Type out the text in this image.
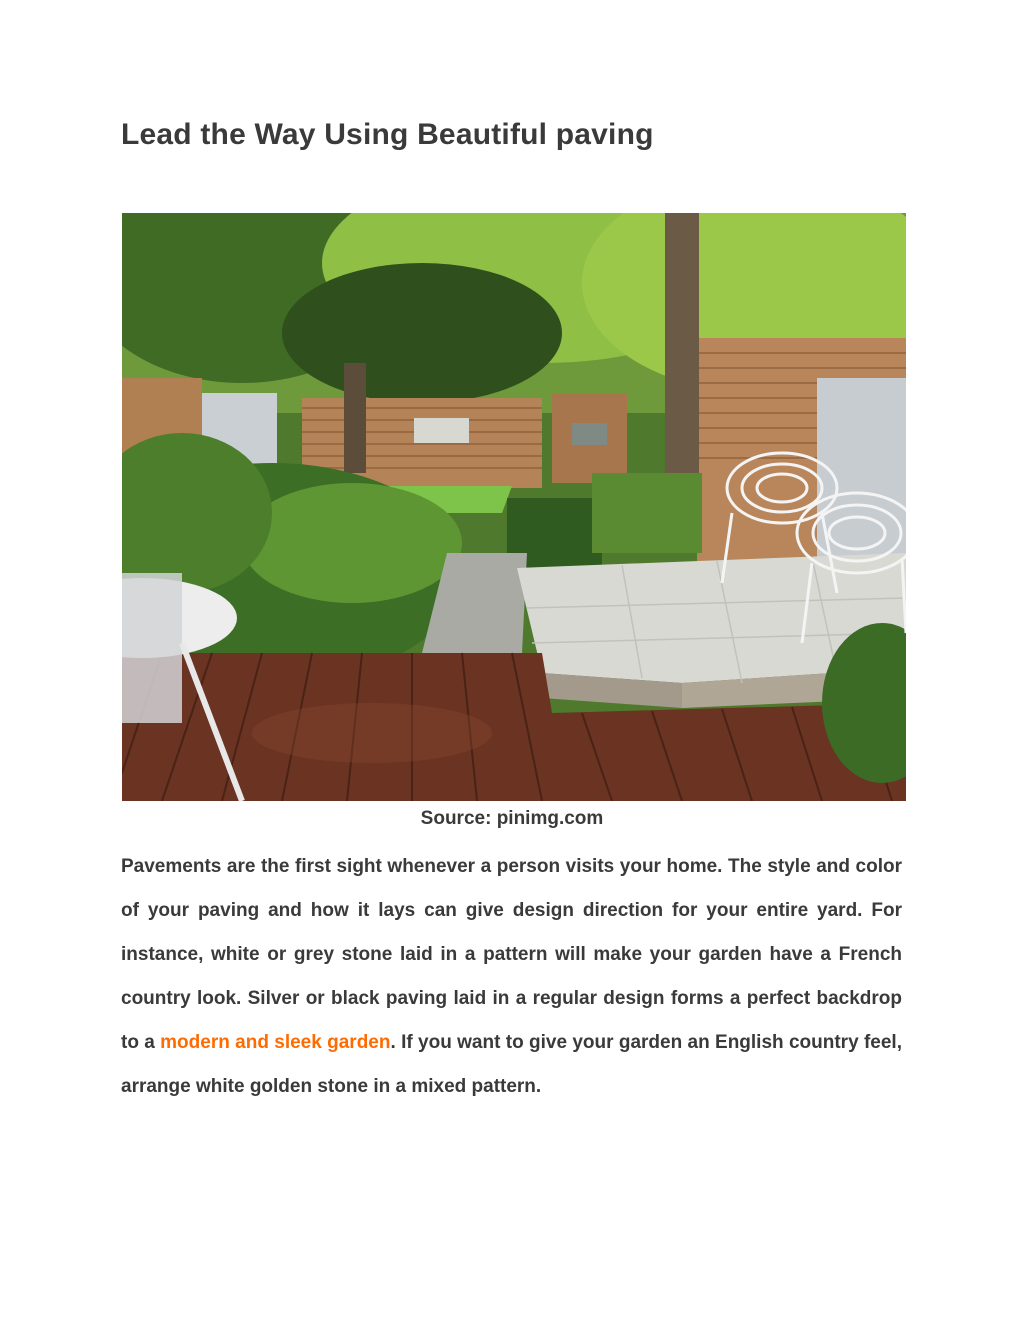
Lead the Way Using Beautiful paving
Source: pinimg.com

Pavements are the first sight whenever a person visits your home. The style and color of your paving and how it lays can give design direction for your entire yard. For instance, white or grey stone laid in a pattern will make your garden have a French country look. Silver or black paving laid in a regular design forms a perfect backdrop to a modern and sleek garden. If you want to give your garden an English country feel, arrange white golden stone in a mixed pattern.
